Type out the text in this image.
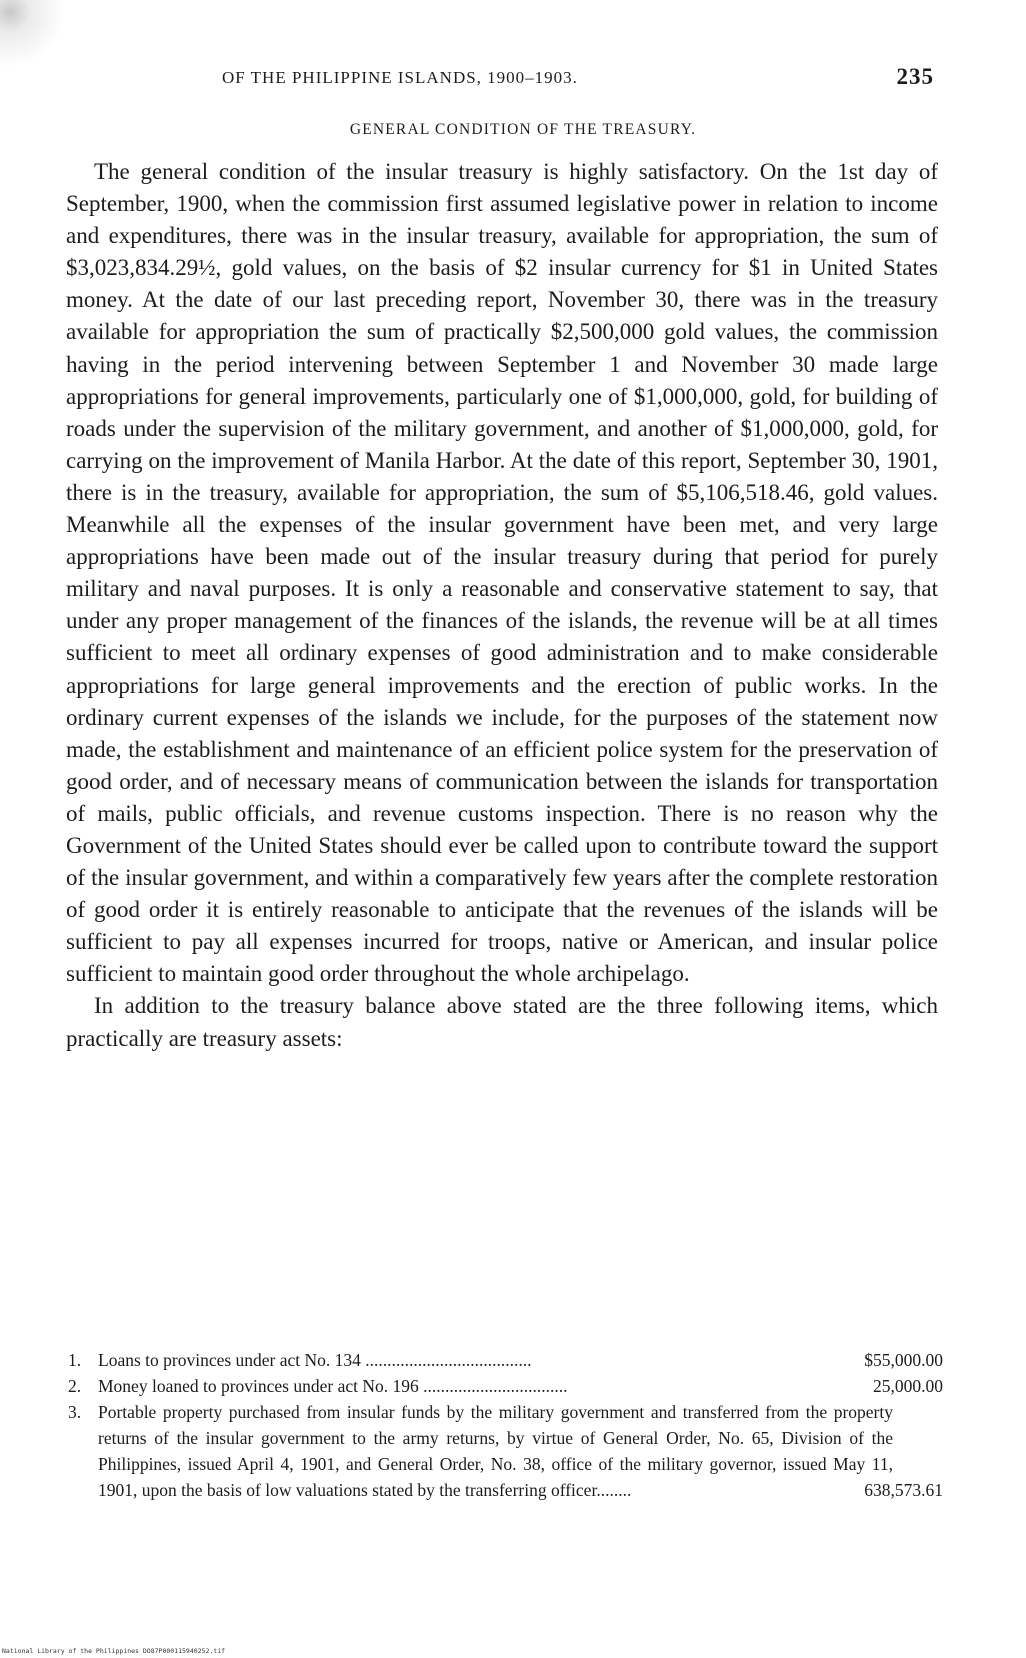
OF THE PHILIPPINE ISLANDS, 1900–1903.	235
GENERAL CONDITION OF THE TREASURY.

The general condition of the insular treasury is highly satisfactory. On the 1st day of September, 1900, when the commission first assumed legislative power in relation to income and expenditures, there was in the insular treasury, available for appropriation, the sum of $3,023,834.29½, gold values, on the basis of $2 insular currency for $1 in United States money. At the date of our last preceding report, November 30, there was in the treasury available for appropriation the sum of practically $2,500,000 gold values, the commission having in the period intervening between September 1 and November 30 made large appropriations for general improvements, particularly one of $1,000,000, gold, for building of roads under the supervision of the military government, and another of $1,000,000, gold, for carrying on the improvement of Manila Harbor. At the date of this report, September 30, 1901, there is in the treasury, available for appropriation, the sum of $5,106,518.46, gold values. Meanwhile all the expenses of the insular government have been met, and very large appropriations have been made out of the insular treasury during that period for purely military and naval purposes. It is only a reasonable and conservative statement to say, that under any proper management of the finances of the islands, the revenue will be at all times sufficient to meet all ordinary expenses of good administration and to make considerable appropriations for large general improvements and the erection of public works. In the ordinary current expenses of the islands we include, for the purposes of the statement now made, the establishment and maintenance of an efficient police system for the preservation of good order, and of necessary means of communication between the islands for transportation of mails, public officials, and revenue customs inspection. There is no reason why the Government of the United States should ever be called upon to contribute toward the support of the insular government, and within a comparatively few years after the complete restoration of good order it is entirely reasonable to anticipate that the revenues of the islands will be sufficient to pay all expenses incurred for troops, native or American, and insular police sufficient to maintain good order throughout the whole archipelago.

In addition to the treasury balance above stated are the three following items, which practically are treasury assets:

1. Loans to provinces under act No. 134 ......................................	$55,000.00
2. Money loaned to provinces under act No. 196 .................................	25,000.00
3. Portable property purchased from insular funds by the military government and transferred from the property returns of the insular government to the army returns, by virtue of General Order, No. 65, Division of the Philippines, issued April 4, 1901, and General Order, No. 38, office of the military governor, issued May 11, 1901, upon the basis of low valuations stated by the transferring officer........	638,573.61
National Library of the Philippines DO87P000115940252.tif
